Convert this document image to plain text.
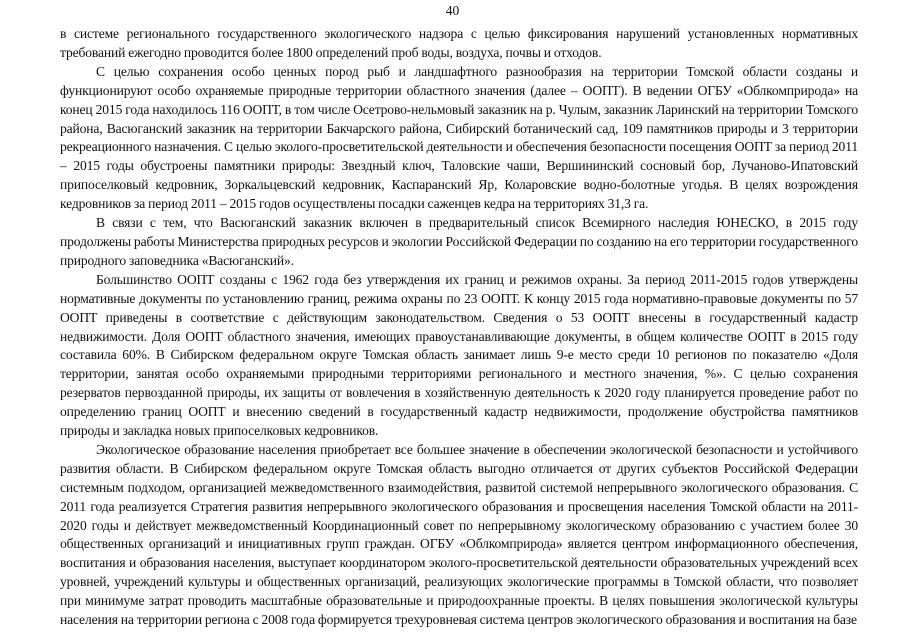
40

в системе регионального государственного экологического надзора с целью фиксирования нарушений установленных нормативных требований ежегодно проводится более 1800 определений проб воды, воздуха, почвы и отходов.

С целью сохранения особо ценных пород рыб и ландшафтного разнообразия на территории Томской области созданы и функционируют особо охраняемые природные территории областного значения (далее – ООПТ). В ведении ОГБУ «Облкомприрода» на конец 2015 года находилось 116 ООПТ, в том числе Осетрово-нельмовый заказник на р. Чулым, заказник Ларинский на территории Томского района, Васюганский заказник на территории Бакчарского района, Сибирский ботанический сад, 109 памятников природы и 3 территории рекреационного назначения. С целью эколого-просветительской деятельности и обеспечения безопасности посещения ООПТ за период 2011 – 2015 годы обустроены памятники природы: Звездный ключ, Таловские чаши, Вершининский сосновый бор, Лучаново-Ипатовский припоселковый кедровник, Зоркальцевский кедровник, Каспаранский Яр, Коларовские водно-болотные угодья. В целях возрождения кедровников за период 2011 – 2015 годов осуществлены посадки саженцев кедра на территориях 31,3 га.

В связи с тем, что Васюганский заказник включен в предварительный список Всемирного наследия ЮНЕСКО, в 2015 году продолжены работы Министерства природных ресурсов и экологии Российской Федерации по созданию на его территории государственного природного заповедника «Васюганский».

Большинство ООПТ созданы с 1962 года без утверждения их границ и режимов охраны. За период 2011-2015 годов утверждены нормативные документы по установлению границ, режима охраны по 23 ООПТ. К концу 2015 года нормативно-правовые документы по 57 ООПТ приведены в соответствие с действующим законодательством. Сведения о 53 ООПТ внесены в государственный кадастр недвижимости. Доля ООПТ областного значения, имеющих правоустанавливающие документы, в общем количестве ООПТ в 2015 году составила 60%. В Сибирском федеральном округе Томская область занимает лишь 9-е место среди 10 регионов по показателю «Доля территории, занятая особо охраняемыми природными территориями регионального и местного значения, %». С целью сохранения резерватов первозданной природы, их защиты от вовлечения в хозяйственную деятельность к 2020 году планируется проведение работ по определению границ ООПТ и внесению сведений в государственный кадастр недвижимости, продолжение обустройства памятников природы и закладка новых припоселковых кедровников.

Экологическое образование населения приобретает все большее значение в обеспечении экологической безопасности и устойчивого развития области. В Сибирском федеральном округе Томская область выгодно отличается от других субъектов Российской Федерации системным подходом, организацией межведомственного взаимодействия, развитой системой непрерывного экологического образования. С 2011 года реализуется Стратегия развития непрерывного экологического образования и просвещения населения Томской области на 2011-2020 годы и действует межведомственный Координационный совет по непрерывному экологическому образованию с участием более 30 общественных организаций и инициативных групп граждан. ОГБУ «Облкомприрода» является центром информационного обеспечения, воспитания и образования населения, выступает координатором эколого-просветительской деятельности образовательных учреждений всех уровней, учреждений культуры и общественных организаций, реализующих экологические программы в Томской области, что позволяет при минимуме затрат проводить масштабные образовательные и природоохранные проекты. В целях повышения экологической культуры населения на территории региона с 2008 года формируется трехуровневая система центров экологического образования и воспитания на базе
